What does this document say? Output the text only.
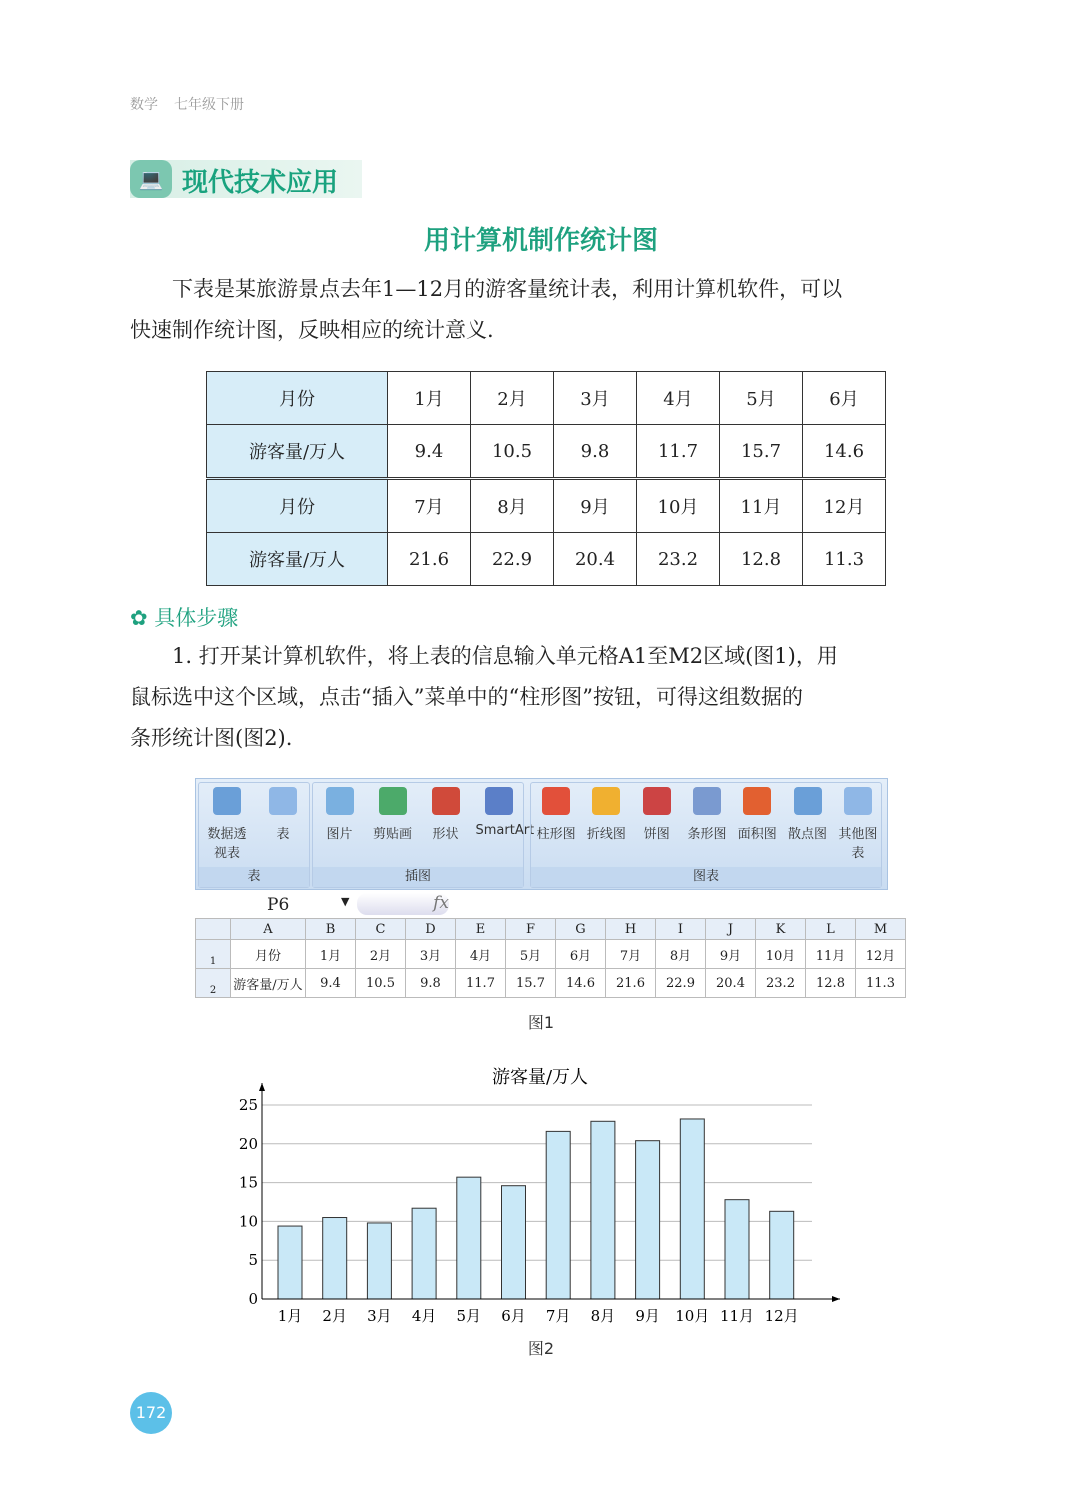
数学 七年级下册
💻 现代技术应用
用计算机制作统计图
下表是某旅游景点去年1—12月的游客量统计表，利用计算机软件，可以
快速制作统计图，反映相应的统计意义.
月份	1月	2月	3月	4月	5月	6月
游客量/万人	9.4	10.5	9.8	11.7	15.7	14.6
月份	7月	8月	9月	10月	11月	12月
游客量/万人	21.6	22.9	20.4	23.2	12.8	11.3
✿ 具体步骤
1. 打开某计算机软件，将上表的信息输入单元格A1至M2区域(图1)，用
鼠标选中这个区域，点击“插入”菜单中的“柱形图”按钮，可得这组数据的
条形统计图(图2).
数据透视表
表
表
图片	剪贴画	形状	SmartArt
插图
柱形图 折线图	饼图	条形图 面积图 散点图 其他图表
图表
P6	▼	fx
	A	B	C	D	E	F	G	H	I	J	K	L	M
1	月份	1月	2月	3月	4月	5月	6月	7月	8月	9月	10月	11月	12月
2	游客量/万人	9.4	10.5	9.8	11.7	15.7	14.6	21.6	22.9	20.4	23.2	12.8	11.3
图1
游客量/万人
0
5
10
15
20
25
1月 2月 3月 4月 5月 6月 7月 8月 9月 10月 11月 12月
图2
172
